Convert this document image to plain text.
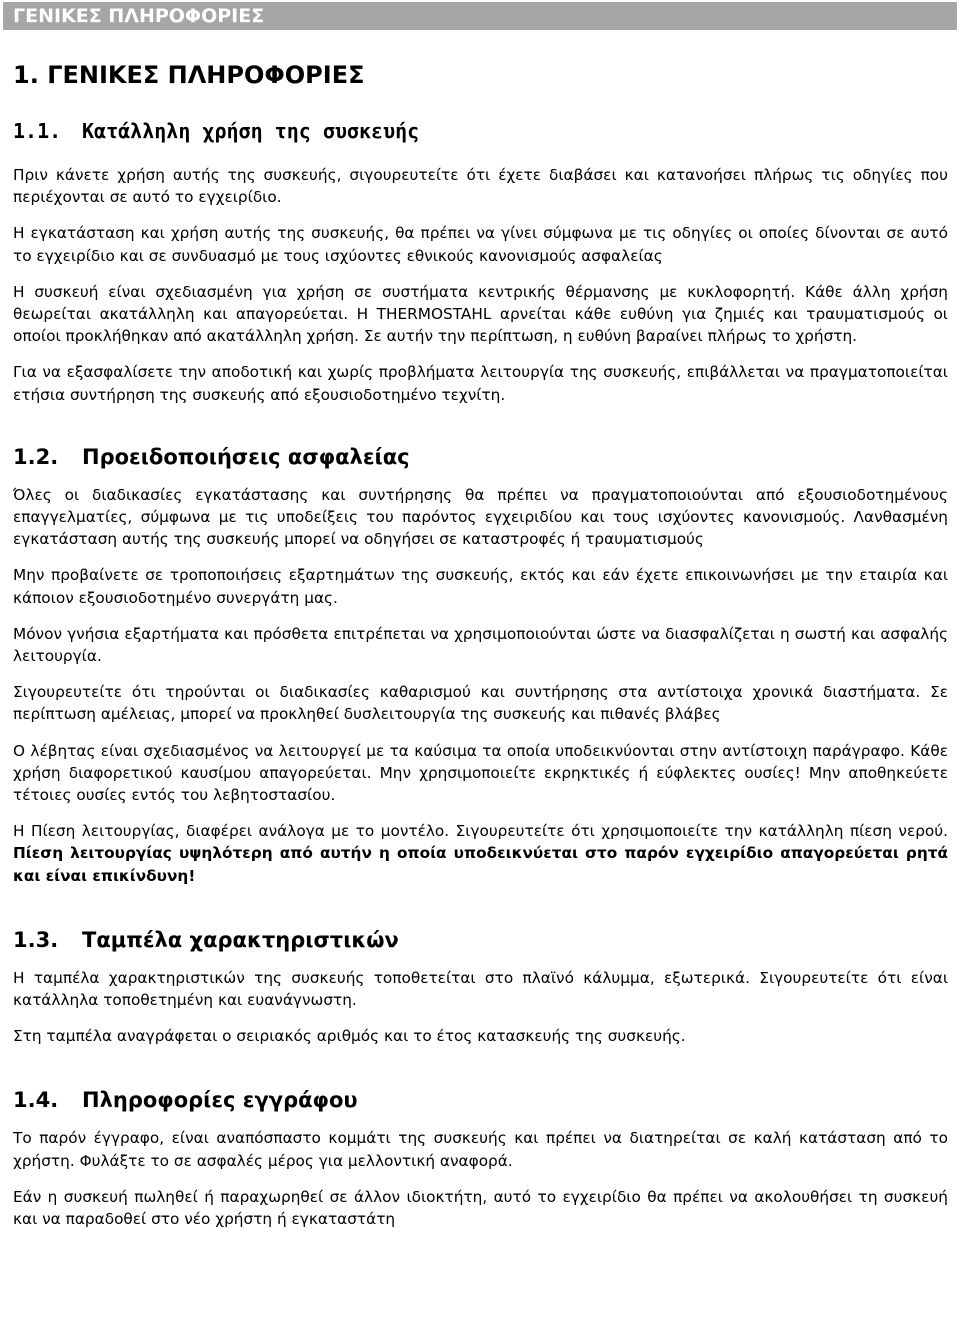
ΓΕΝΙΚΕΣ ΠΛΗΡΟΦΟΡΙΕΣ
1. ΓΕΝΙΚΕΣ ΠΛΗΡΟΦΟΡΙΕΣ
1.1. Κατάλληλη χρήση της συσκευής

Πριν κάνετε χρήση αυτής της συσκευής, σιγουρευτείτε ότι έχετε διαβάσει και κατανοήσει πλήρως τις οδηγίες που περιέχονται σε αυτό το εγχειρίδιο.

Η εγκατάσταση και χρήση αυτής της συσκευής, θα πρέπει να γίνει σύμφωνα με τις οδηγίες οι οποίες δίνονται σε αυτό το εγχειρίδιο και σε συνδυασμό με τους ισχύοντες εθνικούς κανονισμούς ασφαλείας

Η συσκευή είναι σχεδιασμένη για χρήση σε συστήματα κεντρικής θέρμανσης με κυκλοφορητή. Κάθε άλλη χρήση θεωρείται ακατάλληλη και απαγορεύεται. Η THERMOSTAHL αρνείται κάθε ευθύνη για ζημιές και τραυματισμούς οι οποίοι προκλήθηκαν από ακατάλληλη χρήση. Σε αυτήν την περίπτωση, η ευθύνη βαραίνει πλήρως το χρήστη.

Για να εξασφαλίσετε την αποδοτική και χωρίς προβλήματα λειτουργία της συσκευής, επιβάλλεται να πραγματοποιείται ετήσια συντήρηση της συσκευής από εξουσιοδοτημένο τεχνίτη.

1.2. Προειδοποιήσεις ασφαλείας

Όλες οι διαδικασίες εγκατάστασης και συντήρησης θα πρέπει να πραγματοποιούνται από εξουσιοδοτημένους επαγγελματίες, σύμφωνα με τις υποδείξεις του παρόντος εγχειριδίου και τους ισχύοντες κανονισμούς. Λανθασμένη εγκατάσταση αυτής της συσκευής μπορεί να οδηγήσει σε καταστροφές ή τραυματισμούς

Μην προβαίνετε σε τροποποιήσεις εξαρτημάτων της συσκευής, εκτός και εάν έχετε επικοινωνήσει με την εταιρία και κάποιον εξουσιοδοτημένο συνεργάτη μας.

Μόνον γνήσια εξαρτήματα και πρόσθετα επιτρέπεται να χρησιμοποιούνται ώστε να διασφαλίζεται η σωστή και ασφαλής λειτουργία.

Σιγουρευτείτε ότι τηρούνται οι διαδικασίες καθαρισμού και συντήρησης στα αντίστοιχα χρονικά διαστήματα. Σε περίπτωση αμέλειας, μπορεί να προκληθεί δυσλειτουργία της συσκευής και πιθανές βλάβες

Ο λέβητας είναι σχεδιασμένος να λειτουργεί με τα καύσιμα τα οποία υποδεικνύονται στην αντίστοιχη παράγραφο. Κάθε χρήση διαφορετικού καυσίμου απαγορεύεται. Μην χρησιμοποιείτε εκρηκτικές ή εύφλεκτες ουσίες! Μην αποθηκεύετε τέτοιες ουσίες εντός του λεβητοστασίου.

Η Πίεση λειτουργίας, διαφέρει ανάλογα με το μοντέλο. Σιγουρευτείτε ότι χρησιμοποιείτε την κατάλληλη πίεση νερού. Πίεση λειτουργίας υψηλότερη από αυτήν η οποία υποδεικνύεται στο παρόν εγχειρίδιο απαγορεύεται ρητά και είναι επικίνδυνη!

1.3. Ταμπέλα χαρακτηριστικών

Η ταμπέλα χαρακτηριστικών της συσκευής τοποθετείται στο πλαϊνό κάλυμμα, εξωτερικά. Σιγουρευτείτε ότι είναι κατάλληλα τοποθετημένη και ευανάγνωστη.

Στη ταμπέλα αναγράφεται ο σειριακός αριθμός και το έτος κατασκευής της συσκευής.

1.4. Πληροφορίες εγγράφου

Το παρόν έγγραφο, είναι αναπόσπαστο κομμάτι της συσκευής και πρέπει να διατηρείται σε καλή κατάσταση από το χρήστη. Φυλάξτε το σε ασφαλές μέρος για μελλοντική αναφορά.

Εάν η συσκευή πωληθεί ή παραχωρηθεί σε άλλον ιδιοκτήτη, αυτό το εγχειρίδιο θα πρέπει να ακολουθήσει τη συσκευή και να παραδοθεί στο νέο χρήστη ή εγκαταστάτη
